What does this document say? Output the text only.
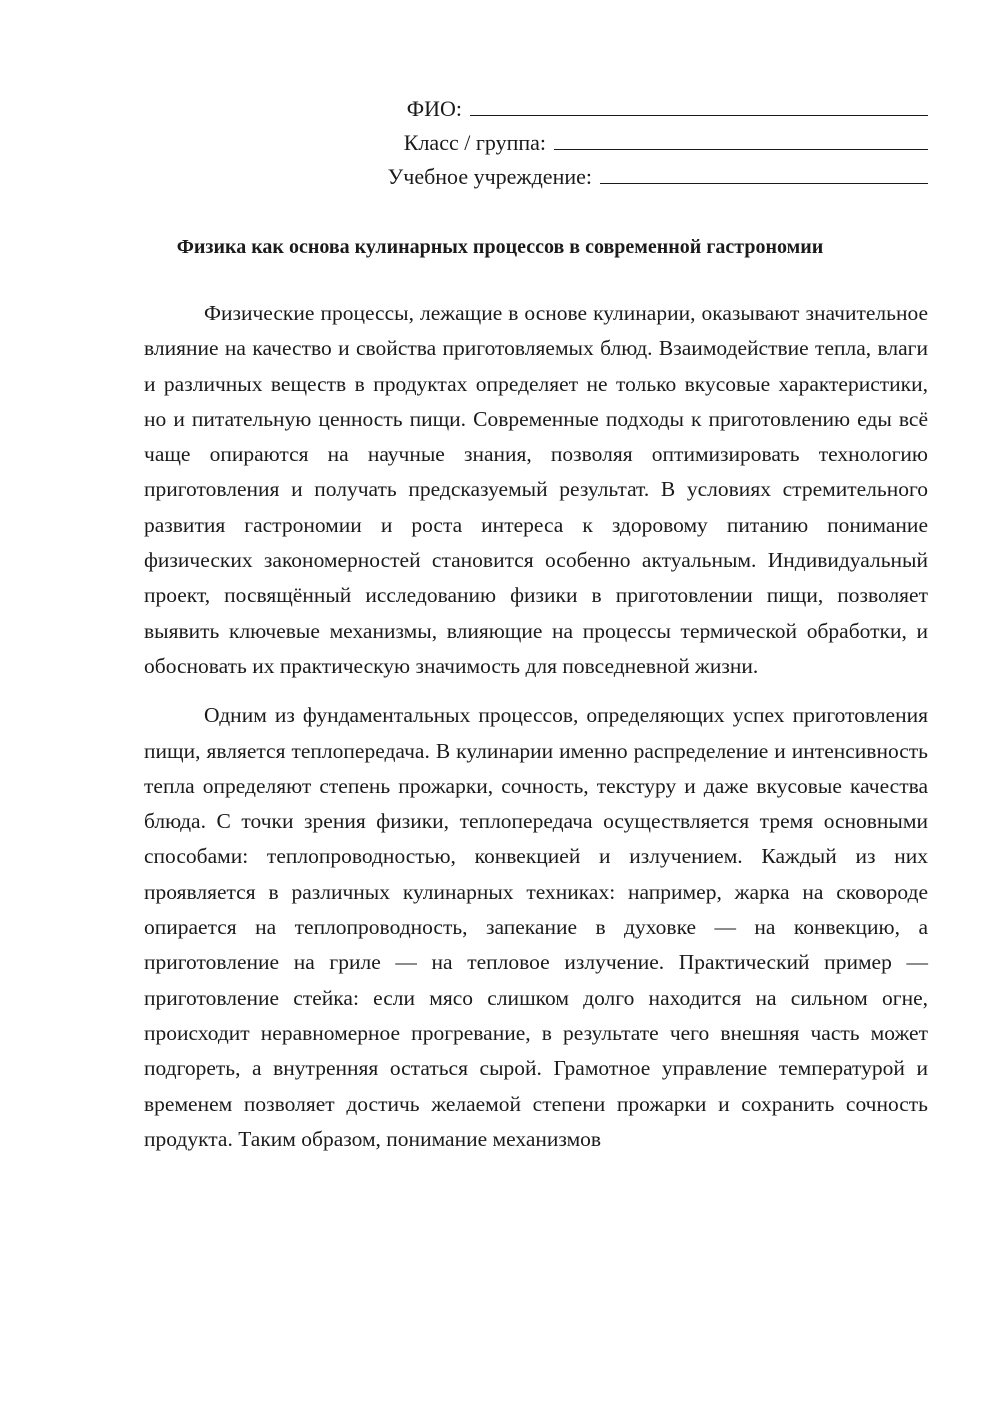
ФИО:
Класс / группа:
Учебное учреждение:
Физика как основа кулинарных процессов в современной гастрономии

Физические процессы, лежащие в основе кулинарии, оказывают значительное влияние на качество и свойства приготовляемых блюд. Взаимодействие тепла, влаги и различных веществ в продуктах определяет не только вкусовые характеристики, но и питательную ценность пищи. Современные подходы к приготовлению еды всё чаще опираются на научные знания, позволяя оптимизировать технологию приготовления и получать предсказуемый результат. В условиях стремительного развития гастрономии и роста интереса к здоровому питанию понимание физических закономерностей становится особенно актуальным. Индивидуальный проект, посвящённый исследованию физики в приготовлении пищи, позволяет выявить ключевые механизмы, влияющие на процессы термической обработки, и обосновать их практическую значимость для повседневной жизни.

Одним из фундаментальных процессов, определяющих успех приготовления пищи, является теплопередача. В кулинарии именно распределение и интенсивность тепла определяют степень прожарки, сочность, текстуру и даже вкусовые качества блюда. С точки зрения физики, теплопередача осуществляется тремя основными способами: теплопроводностью, конвекцией и излучением. Каждый из них проявляется в различных кулинарных техниках: например, жарка на сковороде опирается на теплопроводность, запекание в духовке — на конвекцию, а приготовление на гриле — на тепловое излучение. Практический пример — приготовление стейка: если мясо слишком долго находится на сильном огне, происходит неравномерное прогревание, в результате чего внешняя часть может подгореть, а внутренняя остаться сырой. Грамотное управление температурой и временем позволяет достичь желаемой степени прожарки и сохранить сочность продукта. Таким образом, понимание механизмов
